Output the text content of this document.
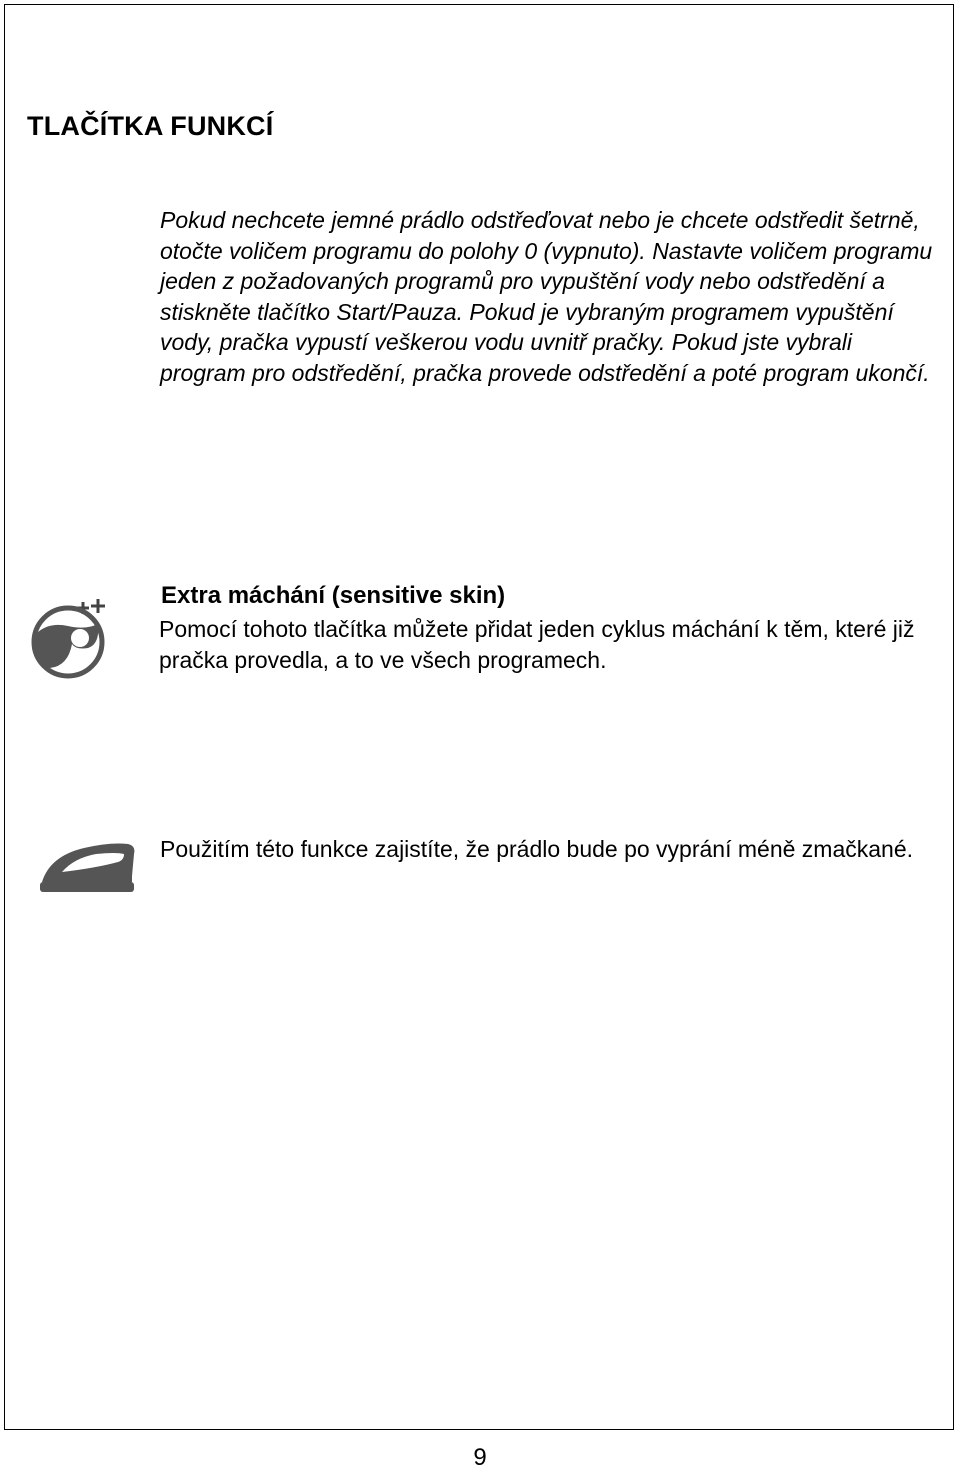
TLAČÍTKA FUNKCÍ

Pokud nechcete jemné prádlo odstřeďovat nebo je chcete odstředit šetrně, otočte voličem programu do polohy 0 (vypnuto). Nastavte voličem programu jeden z požadovaných programů pro vypuštění vody nebo odstředění a stiskněte tlačítko Start/Pauza. Pokud je vybraným programem vypuštění vody, pračka vypustí veškerou vodu uvnitř pračky. Pokud jste vybrali program pro odstředění, pračka provede odstředění a poté program ukončí.

Extra máchání (sensitive skin)

Pomocí tohoto tlačítka můžete přidat jeden cyklus máchání k těm, které již pračka provedla, a to ve všech programech.

Použitím této funkce zajistíte, že prádlo bude po vyprání méně zmačkané.

9
